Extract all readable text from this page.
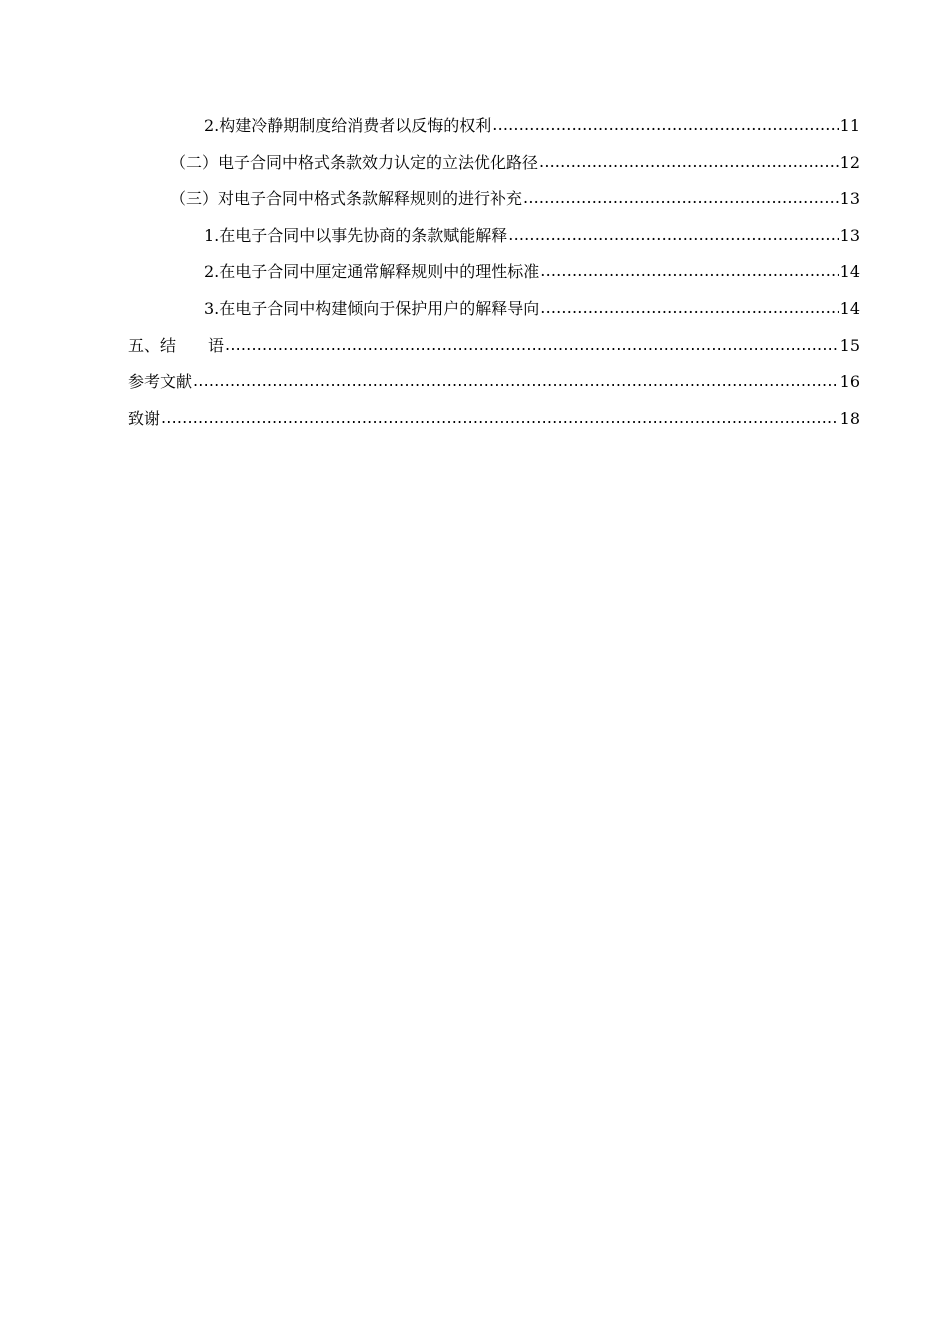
2. 构建冷静期制度给消费者以反悔的权利 .....	11
（二） 电子合同中格式条款效力认定的立法优化路径 .....	12
（三） 对电子合同中格式条款解释规则的进行补充 .....	13
1. 在电子合同中以事先协商的条款赋能解释 .....	13
2. 在电子合同中厘定通常解释规则中的理性标准 .....	14
3. 在电子合同中构建倾向于保护用户的解释导向 .....	14
五、 结　　语 .....	15
参考文献 .....	16
致谢 .....	18
